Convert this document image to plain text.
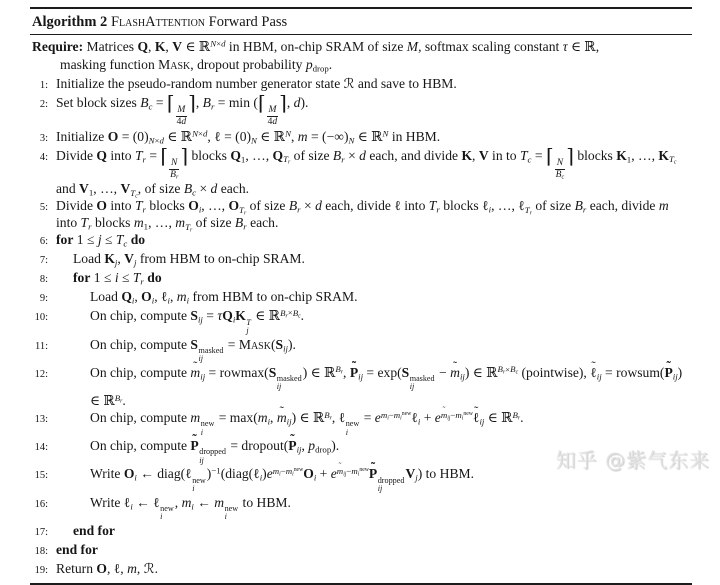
Algorithm 2 FlashAttention Forward Pass
Require: Matrices Q, K, V ∈ ℝ$^{N\times d}$ in HBM, on-chip SRAM of size M, softmax scaling constant τ ∈ ℝ,
masking function Mask, dropout probability $p_{drop}$.
1: Initialize the pseudo-random number generator state ℛ and save to HBM.
2: Set block sizes $B_c$ = ⌈
$\frac{M}{4d}$
⌉, $B_r = \min$ (⌈
$\frac{M}{4d}$
⌉, d).
3: Initialize $O = (0)_{N\times d}$ ∈ ℝ$^{N\times d}$, ℓ = $(0)_N$ ∈ ℝ$^N$, $m = (-\infty)_N$ ∈ ℝ$^N$ in HBM.
4: Divide Q into $T_r$ = ⌈
$\frac{N}{B_r}$
⌉ blocks $Q_1$, …, $Q_{T_r}$ of size $B_r \times d$ each, and divide K, V in to $T_c$ = ⌈
$\frac{N}{B_c}$
⌉ blocks $K_1$, …, $K_{T_c}$ and $V_1$, …, $V_{T_c}$, of size $B_c \times d$ each.
5: Divide O into $T_r$ blocks $O_i$, …, $O_{T_r}$ of size $B_r \times d$ each, divide ℓ into $T_r$ blocks ℓ$_i$, …, ℓ$_{T_r}$ of size $B_r$ each, divide m into $T_r$ blocks $m_1$, …, $m_{T_r}$ of size $B_r$ each.
6: for $1 \le j \le T_c$ do
7:	Load $K_j$, $V_j$ from HBM to on-chip SRAM.
8:	for $1 \le i \le T_r$ do
9:	Load $Q_i$, $O_i$, ℓ$_i$, $m_i$ from HBM to on-chip SRAM.
10:	On chip, compute $S_{ij} = \tau Q_iK$ T
j
∈ ℝ$^{B_r\times B_c}$.
11:	On chip, compute S masked
ij
= $Mask(S_{ij})$.
12:	On chip, compute m $˜_{ij} = rowmax(S$ masked
ij
) ∈ ℝ$^{B_r}$, P $˜_{ij} = \exp(S$ masked
ij
− m $˜_{ij}$) ∈ ℝ$^{B_r\times B_c}$ (pointwise), ℓ $˜_{ij}$ = rowsum(P $˜_{ij}$) ∈ ℝ$^{B_r}$.
13:	On chip, compute m new
i
= $\max(m_i$, m $˜_{ij}$) ∈ ℝ$^{B_r}$, ℓ new
i
= $e^{m_i-m_i^{new}}\ell_i$ + $e^{m_{ij}-m_i^{new}}\ell$ $˜_{ij}$ ∈ ℝ$^{B_r}$.
14:	On chip, compute P ˜ dropped
ij
= dropout(P $˜_{ij}$, $p_{drop}$).
15:	Write $O_i$ ← diag(ℓ new
i
)$^{-1}(diag(\ell_i)e^{m_i-m_i^{new}}O_i + e^{m_{ij}-m_i^{new}}P$ ˜ dropped
ij
$V_j$) to HBM.
16:	Write ℓ$_i$ ← ℓ new
i
, $m_i$ ← m new
i
to HBM.
17:	end for
18: end for
19: Return O, ℓ, m, ℛ.
知乎 @紫气东来
